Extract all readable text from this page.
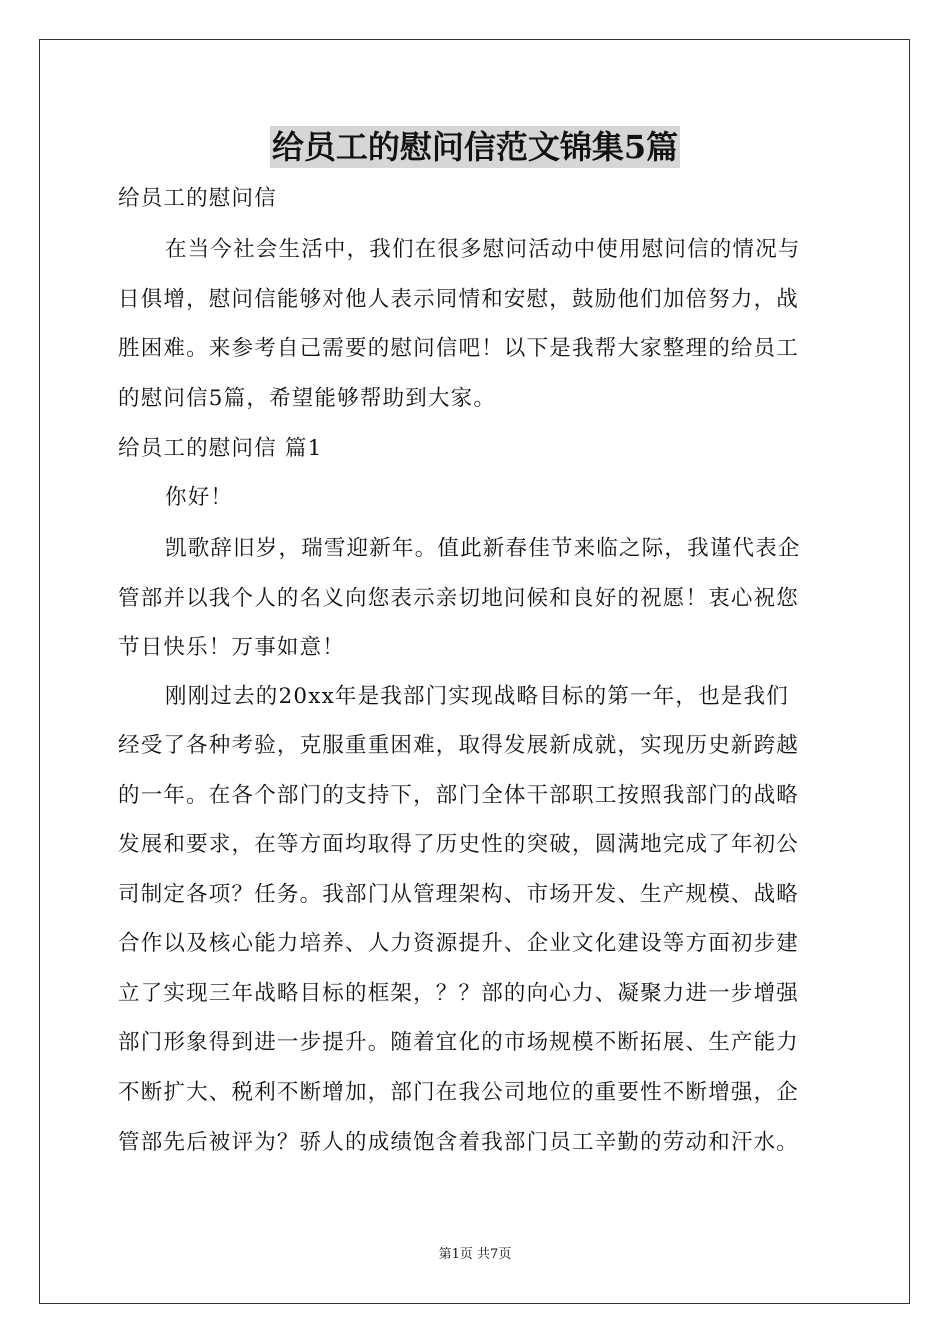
给员工的慰问信范文锦集5篇
给员工的慰问信
在当今社会生活中，我们在很多慰问活动中使用慰问信的情况与
日俱增，慰问信能够对他人表示同情和安慰，鼓励他们加倍努力，战
胜困难。来参考自己需要的慰问信吧！以下是我帮大家整理的给员工
的慰问信5篇，希望能够帮助到大家。
给员工的慰问信 篇1
你好！
凯歌辞旧岁，瑞雪迎新年。值此新春佳节来临之际，我谨代表企
管部并以我个人的名义向您表示亲切地问候和良好的祝愿！衷心祝您
节日快乐！万事如意！
刚刚过去的20xx年是我部门实现战略目标的第一年，也是我们
经受了各种考验，克服重重困难，取得发展新成就，实现历史新跨越
的一年。在各个部门的支持下，部门全体干部职工按照我部门的战略
发展和要求，在等方面均取得了历史性的突破，圆满地完成了年初公
司制定各项？任务。我部门从管理架构、市场开发、生产规模、战略
合作以及核心能力培养、人力资源提升、企业文化建设等方面初步建
立了实现三年战略目标的框架，？？部的向心力、凝聚力进一步增强
部门形象得到进一步提升。随着宜化的市场规模不断拓展、生产能力
不断扩大、税利不断增加，部门在我公司地位的重要性不断增强，企
管部先后被评为？骄人的成绩饱含着我部门员工辛勤的劳动和汗水。
第1页 共7页
